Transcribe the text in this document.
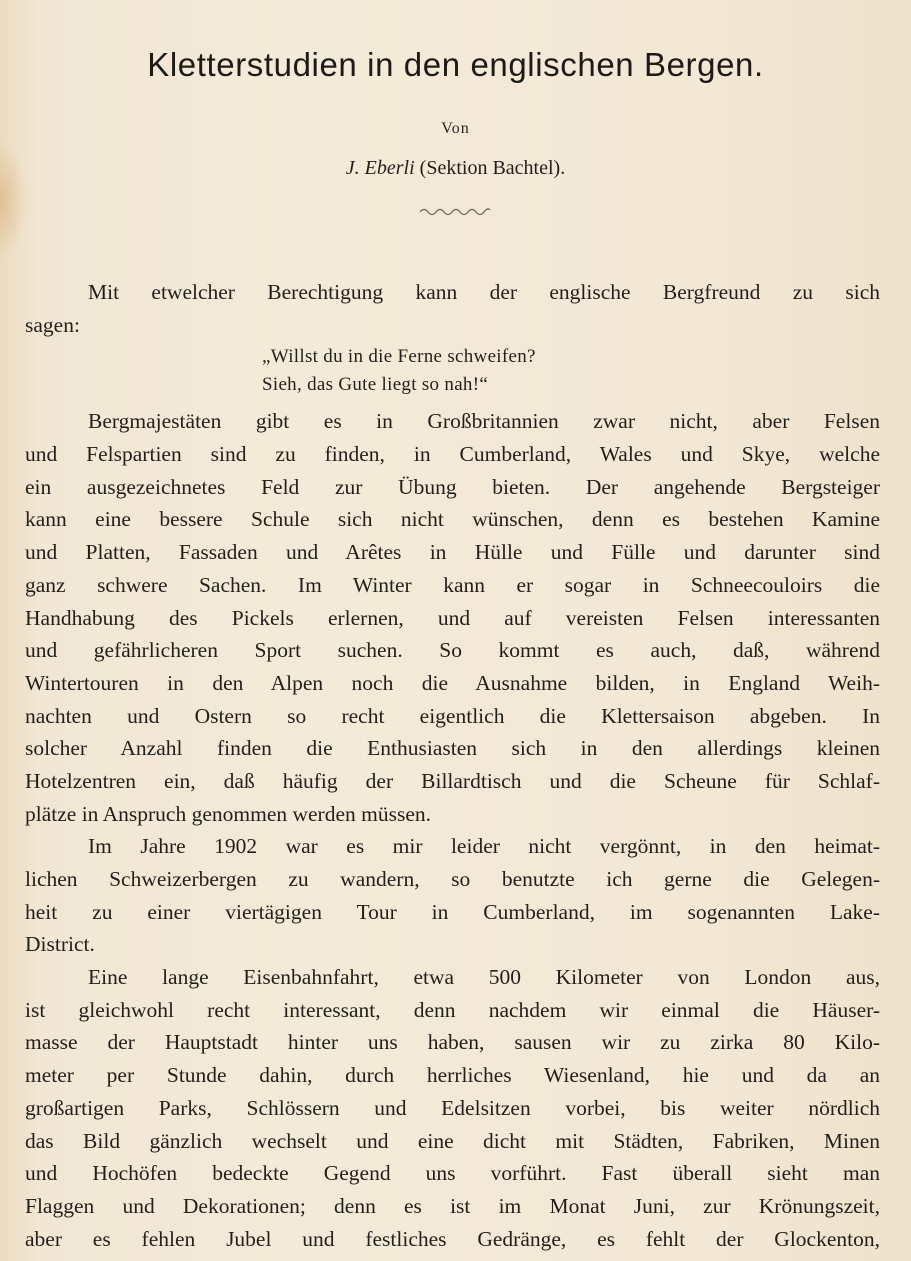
Kletterstudien in den englischen Bergen.
Von
J. Eberli (Sektion Bachtel).
Mit etwelcher Berechtigung kann der englische Bergfreund zu sich
sagen:
„Willst du in die Ferne schweifen?
Sieh, das Gute liegt so nah!“
Bergmajestäten gibt es in Großbritannien zwar nicht, aber Felsen
und Felspartien sind zu finden, in Cumberland, Wales und Skye, welche
ein ausgezeichnetes Feld zur Übung bieten. Der angehende Bergsteiger
kann eine bessere Schule sich nicht wünschen, denn es bestehen Kamine
und Platten, Fassaden und Arêtes in Hülle und Fülle und darunter sind
ganz schwere Sachen. Im Winter kann er sogar in Schneecouloirs die
Handhabung des Pickels erlernen, und auf vereisten Felsen interessanten
und gefährlicheren Sport suchen. So kommt es auch, daß, während
Wintertouren in den Alpen noch die Ausnahme bilden, in England Weih-
nachten und Ostern so recht eigentlich die Klettersaison abgeben. In
solcher Anzahl finden die Enthusiasten sich in den allerdings kleinen
Hotelzentren ein, daß häufig der Billardtisch und die Scheune für Schlaf-
plätze in Anspruch genommen werden müssen.
Im Jahre 1902 war es mir leider nicht vergönnt, in den heimat-
lichen Schweizerbergen zu wandern, so benutzte ich gerne die Gelegen-
heit zu einer viertägigen Tour in Cumberland, im sogenannten Lake-
District.
Eine lange Eisenbahnfahrt, etwa 500 Kilometer von London aus,
ist gleichwohl recht interessant, denn nachdem wir einmal die Häuser-
masse der Hauptstadt hinter uns haben, sausen wir zu zirka 80 Kilo-
meter per Stunde dahin, durch herrliches Wiesenland, hie und da an
großartigen Parks, Schlössern und Edelsitzen vorbei, bis weiter nördlich
das Bild gänzlich wechselt und eine dicht mit Städten, Fabriken, Minen
und Hochöfen bedeckte Gegend uns vorführt. Fast überall sieht man
Flaggen und Dekorationen; denn es ist im Monat Juni, zur Krönungszeit,
aber es fehlen Jubel und festliches Gedränge, es fehlt der Glockenton,
